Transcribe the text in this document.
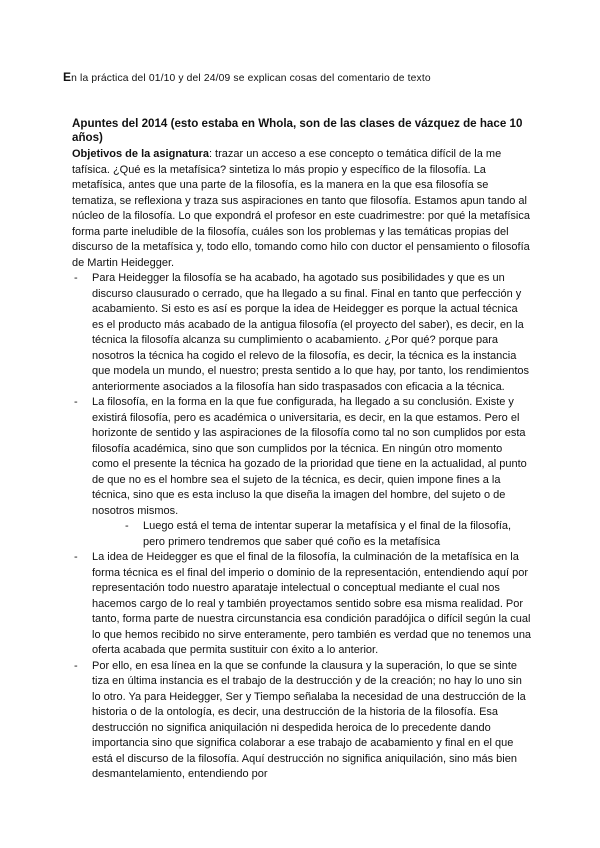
En la práctica del 01/10 y del 24/09 se explican cosas del comentario de texto

Apuntes del 2014 (esto estaba en Whola, son de las clases de vázquez de hace 10 años)

Objetivos de la asignatura: trazar un acceso a ese concepto o temática difícil de la me tafísica. ¿Qué es la metafísica? sintetiza lo más propio y específico de la filosofía. La metafísica, antes que una parte de la filosofía, es la manera en la que esa filosofía se tematiza, se reflexiona y traza sus aspiraciones en tanto que filosofía. Estamos apun tando al núcleo de la filosofía. Lo que expondrá el profesor en este cuadrimestre: por qué la metafísica forma parte ineludible de la filosofía, cuáles son los problemas y las temáticas propias del discurso de la metafísica y, todo ello, tomando como hilo con ductor el pensamiento o filosofía de Martin Heidegger.

- Para Heidegger la filosofía se ha acabado, ha agotado sus posibilidades y que es un discurso clausurado o cerrado, que ha llegado a su final. Final en tanto que perfección y acabamiento. Si esto es así es porque la idea de Heidegger es porque la actual técnica es el producto más acabado de la antigua filosofía (el proyecto del saber), es decir, en la técnica la filosofía alcanza su cumplimiento o acabamiento. ¿Por qué? porque para nosotros la técnica ha cogido el relevo de la filosofía, es decir, la técnica es la instancia que modela un mundo, el nuestro; presta sentido a lo que hay, por tanto, los rendimientos anteriormente asociados a la filosofía han sido traspasados con eficacia a la técnica.
- La filosofía, en la forma en la que fue configurada, ha llegado a su conclusión. Existe y existirá filosofía, pero es académica o universitaria, es decir, en la que estamos. Pero el horizonte de sentido y las aspiraciones de la filosofía como tal no son cumplidos por esta filosofía académica, sino que son cumplidos por la técnica. En ningún otro momento como el presente la técnica ha gozado de la prioridad que tiene en la actualidad, al punto de que no es el hombre sea el sujeto de la técnica, es decir, quien impone fines a la técnica, sino que es esta incluso la que diseña la imagen del hombre, del sujeto o de nosotros mismos.
- Luego está el tema de intentar superar la metafísica y el final de la filosofía, pero primero tendremos que saber qué coño es la metafísica
- La idea de Heidegger es que el final de la filosofía, la culminación de la metafísica en la forma técnica es el final del imperio o dominio de la representación, entendiendo aquí por representación todo nuestro aparataje intelectual o conceptual mediante el cual nos hacemos cargo de lo real y también proyectamos sentido sobre esa misma realidad. Por tanto, forma parte de nuestra circunstancia esa condición paradójica o difícil según la cual lo que hemos recibido no sirve enteramente, pero también es verdad que no tenemos una oferta acabada que permita sustituir con éxito a lo anterior.
- Por ello, en esa línea en la que se confunde la clausura y la superación, lo que se sinte tiza en última instancia es el trabajo de la destrucción y de la creación; no hay lo uno sin lo otro. Ya para Heidegger, Ser y Tiempo señalaba la necesidad de una destrucción de la historia o de la ontología, es decir, una destrucción de la historia de la filosofía. Esa destrucción no significa aniquilación ni despedida heroica de lo precedente dando importancia sino que significa colaborar a ese trabajo de acabamiento y final en el que está el discurso de la filosofía. Aquí destrucción no significa aniquilación, sino más bien desmantelamiento, entendiendo por
